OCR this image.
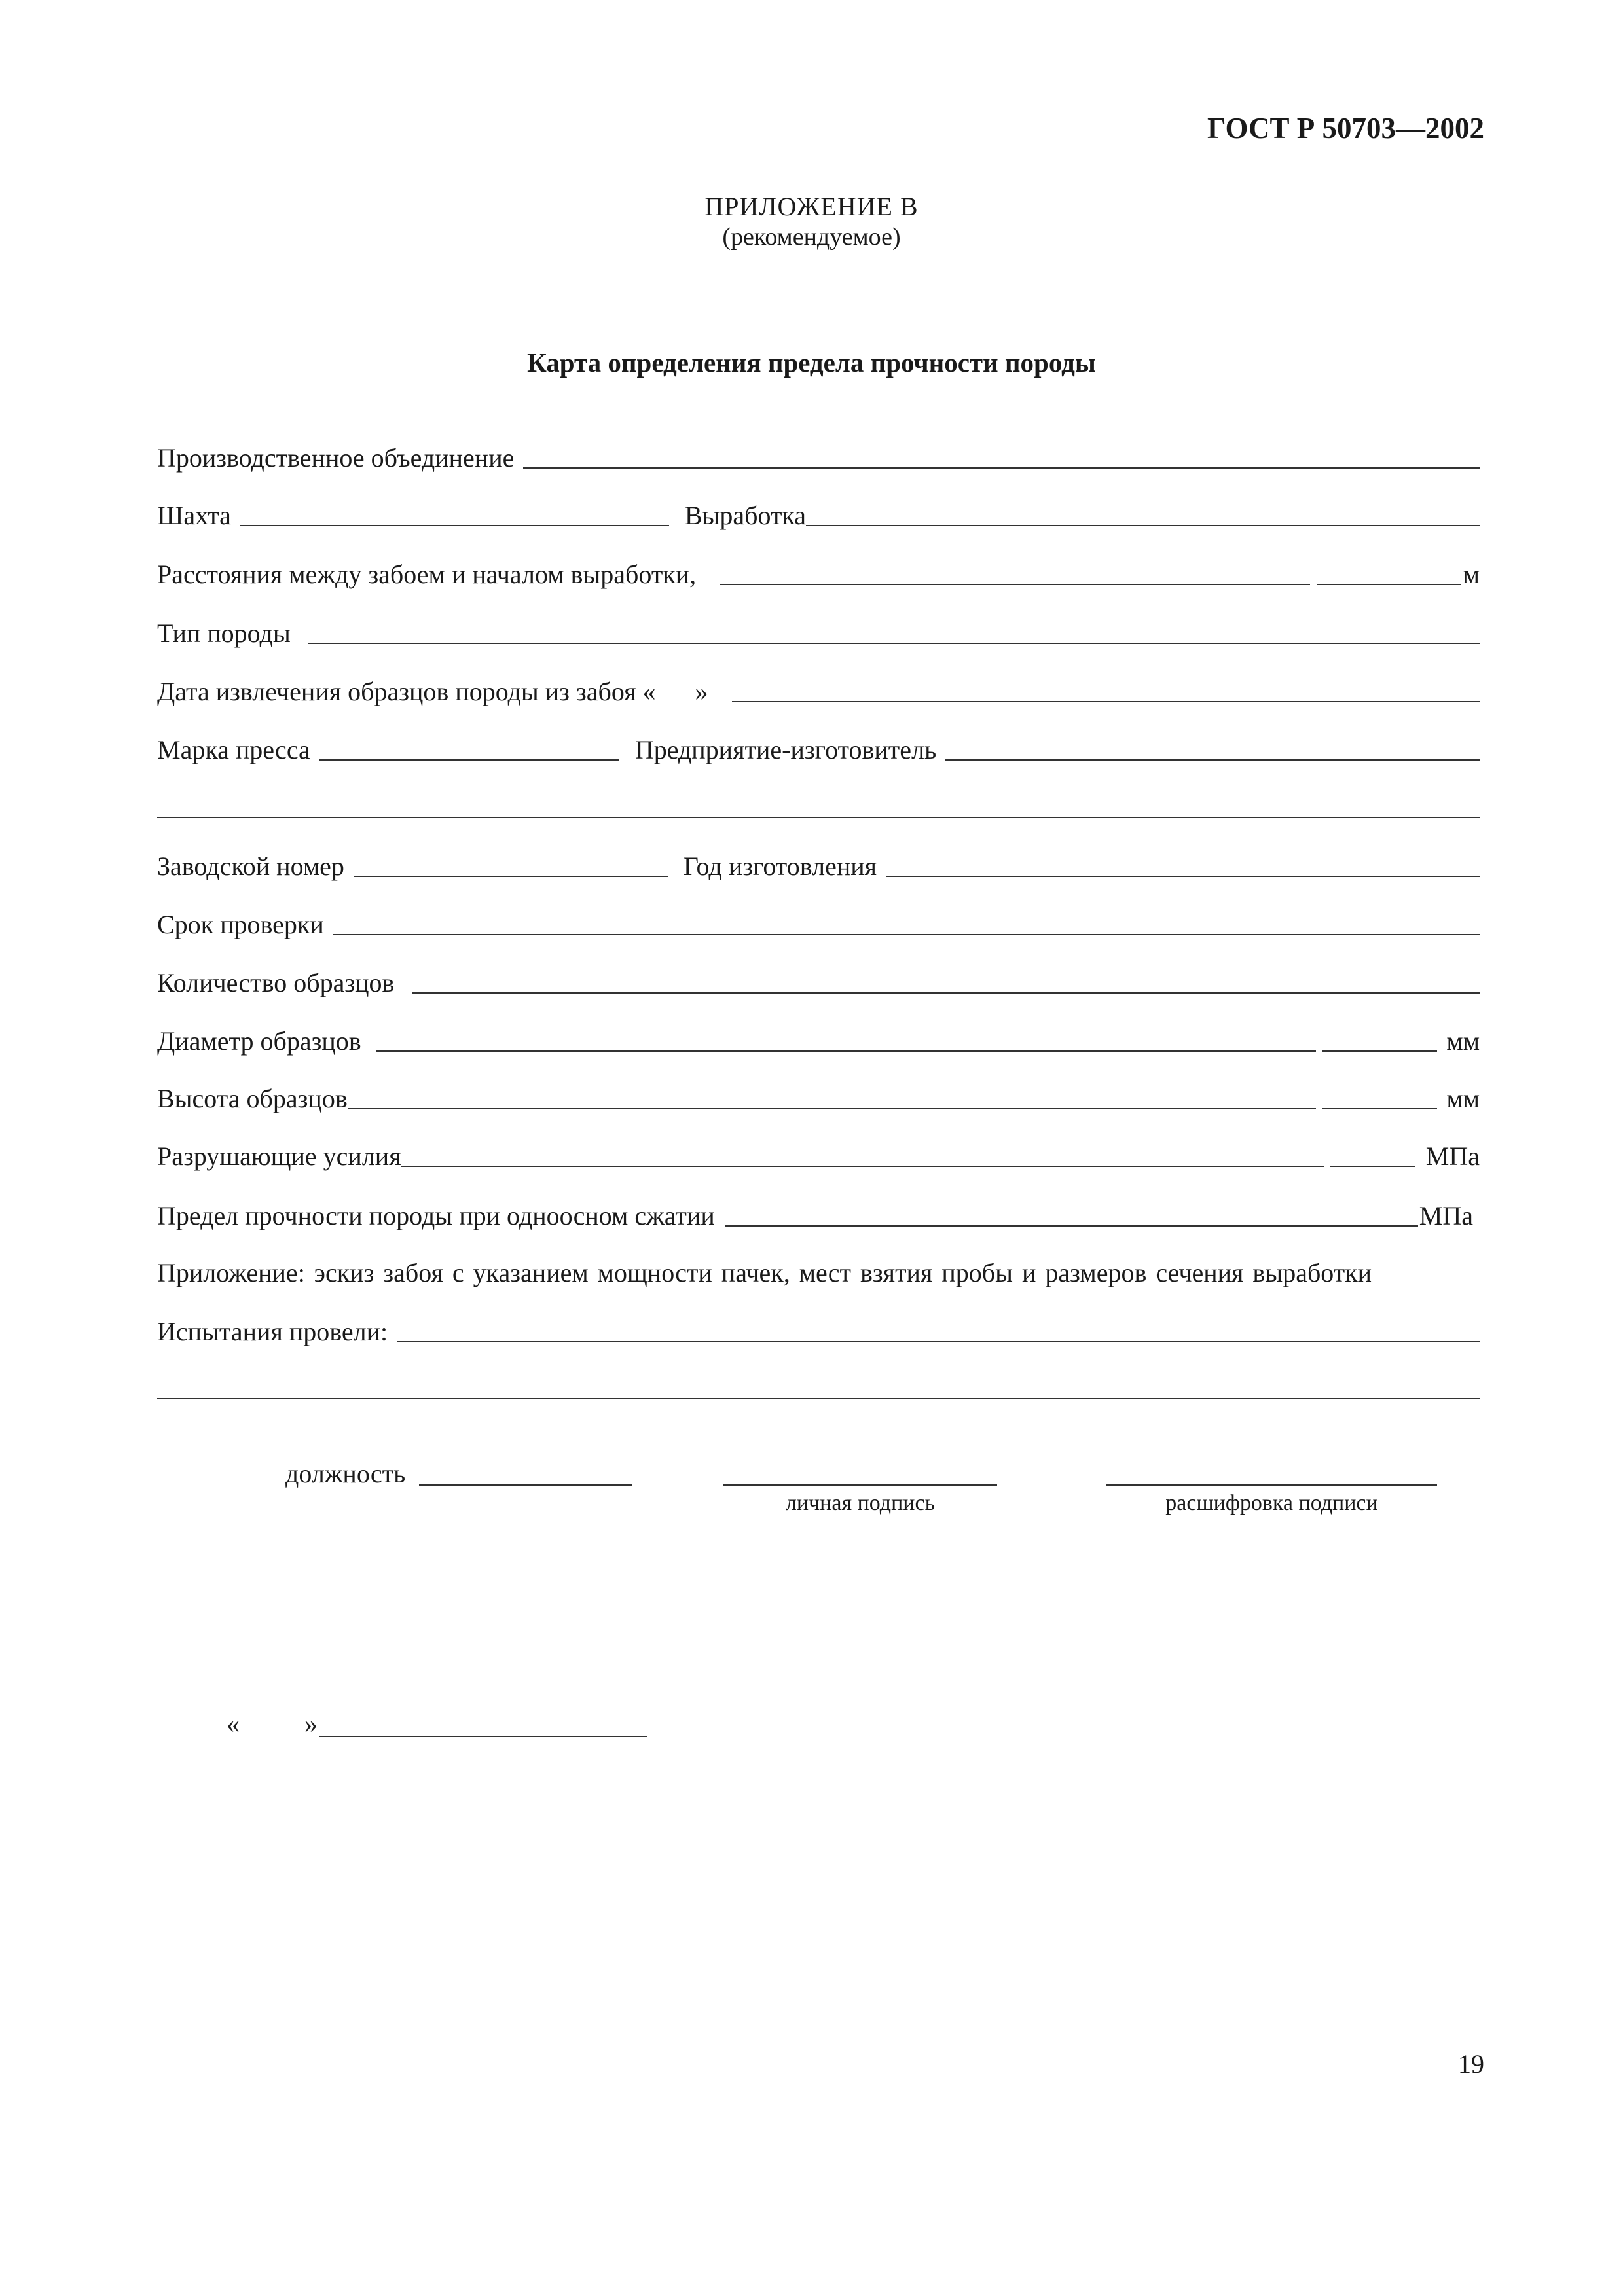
ГОСТ Р 50703—2002
ПРИЛОЖЕНИЕ В
(рекомендуемое)
Карта определения предела прочности породы
Производственное объединение
Шахта	Выработка
Расстояния между забоем и началом выработки,	м
Тип породы
Дата извлечения образцов породы из забоя «	»
Марка пресса	Предприятие-изготовитель
Заводской номер	Год изготовления
Срок проверки
Количество образцов
Диаметр образцов	мм
Высота образцов	мм
Разрушающие усилия	МПа
Предел прочности породы при одноосном сжатии	МПа
Приложение: эскиз забоя с указанием мощности пачек, мест взятия пробы и размеров сечения выработки
Испытания провели:
должность
личная подпись	расшифровка подписи
« »
19
